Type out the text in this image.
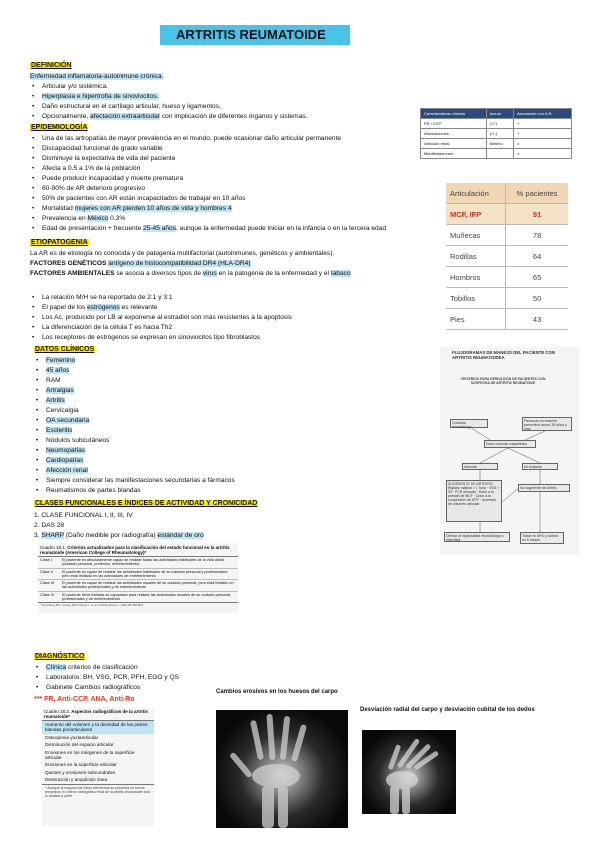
ARTRITIS REUMATOIDE
DEFINICIÓN
Enfermedad inflamatoria-autoinmune crónica.
• Articular y/o sistémica.
• Hiperplasia e hipertrofia de sinoviocitos.
• Daño estructural en el cartílago articular, hueso y ligamentos,
• Opcionalmente, afectación extraarticular con implicación de diferentes órganos y sistemas.
EPIDEMIOLOGÍA
• Una de las artropatías de mayor prevalencia en el mundo, puede ocasionar daño articular permanente
• Discapacidad funcional de grado variable
• Disminuye la expectativa de vida del paciente
• Afecta a 0.5 a 1% de la población
• Puede producir incapacidad y muerte prematura
• 60-90% de AR deterioro progresivo
• 50% de pacientes con AR están incapacitados de trabajar en 10 años
• Mortalidad mujeres con AR pierden 10 años de vida y hombres 4
• Prevalencia en México 0.3%
• Edad de presentación + frecuente 25-45 años, aunque la enfermedad puede iniciar en la infancia o en la tercera edad
Características clínicas	Actual	Asociación con A.R.
FR / CCP	(+/-)	+
Articulaciones	(+/-)	+
Afección renal	Mínimo	±
Manifestaciones		±
Articulación	% pacientes
MCF, IFP	91
Muñecas	78
Rodillas	64
Hombros	65
Tobillos	50
Pies	43
ETIOPATOGENIA
La AR es de etiología no conocida y de patogenia multifactorial (autoinmunes, genéticos y ambientales).
FACTORES GENÉTICOS antígeno de histocompatibilidad DR4 (HLA-DR4)
FACTORES AMBIENTALES se asocia a diversos tipos de virus en la patogenia de la enfermedad y el tabaco
• La relación M/H se ha reportado de 2:1 y 3:1
• El papel de los estrógenos es relevante
• Los Ac. producido por LB al exponerse al estradiol son más resistentes a la apoptosis
• La diferenciación de la célula T es hacia Th2
• Los receptores de estrógenos se expresan en sinoviocitos tipo fibroblastos
DATOS CLÍNICOS
• Femenino
• 45 años
• RAM
• Artralgias
• Artritis
• Cervicalgia
• OA secundaria
• Escleritis
• Nódulos subcutáneos
• Neumopatías
• Cardiopatías
• Afección renal
• Siempre considerar las manifestaciones secundarias a fármacos
• Reumatismos de partes blandas
FLUJOGRAMAS DE MANEJO DEL PACIENTE CON ARTRITIS REUMATOIDEA
CRITERIOS PARA DERIVACIÓN DE PACIENTES CON SOSPECHA DE ARTRITIS REUMATOIDE
Consulta reumatólogo
Personas en examen preventivo anual, 55 años y más
Dolor músculo-esquelético
Articular	No Articular
SUGERENTE DE ARTRITIS · Rigidez matinal > 1 hora · VSG > 30 · PCR elevada · Dolor a la presión de MCF · Dolor a la compresión de MTF · Aumento de volumen articular
No sugerente de Artritis
Derivar al especialista reumatólogo o internista
Tratar en APS y control en 6 meses
CLASES FUNCIONALES E ÍNDICES DE ACTIVIDAD Y CRONICIDAD
1. CLASE FUNCIONAL I, II, III, IV
2. DAS 28
3. SHARP (Daño medible por radiografía) estándar de oro
Cuadro 18.1. Criterios actualizados para la clasificación del estado funcional en la artritis reumatoide (American College of Rheumatology)*
Clase I	El paciente es absolutamente capaz de realizar todas las actividades habituales de la vida diaria (cuidado personal, profesión, entretenimiento)
Clase II	El paciente es capaz de realizar las actividades habituales de su cuidado personal y profesionales, pero está limitado en las actividades de entretenimiento
Clase III	El paciente es capaz de realizar las actividades usuales de su cuidado personal, pero está limitado en las actividades profesionales y de entretenimiento
Clase IV	El paciente tiene limitada su capacidad para realizar las actividades usuales de su cuidado personal, profesionales y de entretenimiento
* Hochberg MC, Chang RW, Dwosh I, et al. Arthritis Rheum. 1992;35:498-502.
DIAGNÓSTICO
• Clínica criterios de clasificación
• Laboratorio: BH, VSG, PCR, PFH, EGO y QS
• Gabinete Cambios radiográficos
*** FR, Anti-CCP, ANA, Anti-Ro
Cuadro 18.3. Aspectos radiográficos de la artritis reumatoide*
Aumento del volumen y la densidad de las partes blandas periarticulares
Osteopenia yuxtaarticular
Disminución del espacio articular
Erosiones en los márgenes de la superficie articular
Erosiones en la superficie articular
Quistes y erosiones subcondrales
Destrucción y anquilosis ósea
* Aunque la mayoría de estos elementos se presenta en forma temprana, el criterio radiográfico final de la artritis reumatoide solo lo analiza a partir
Cambios erosivos en los huesos del carpo
Desviación radial del carpo y desviación cubital de los dedos
